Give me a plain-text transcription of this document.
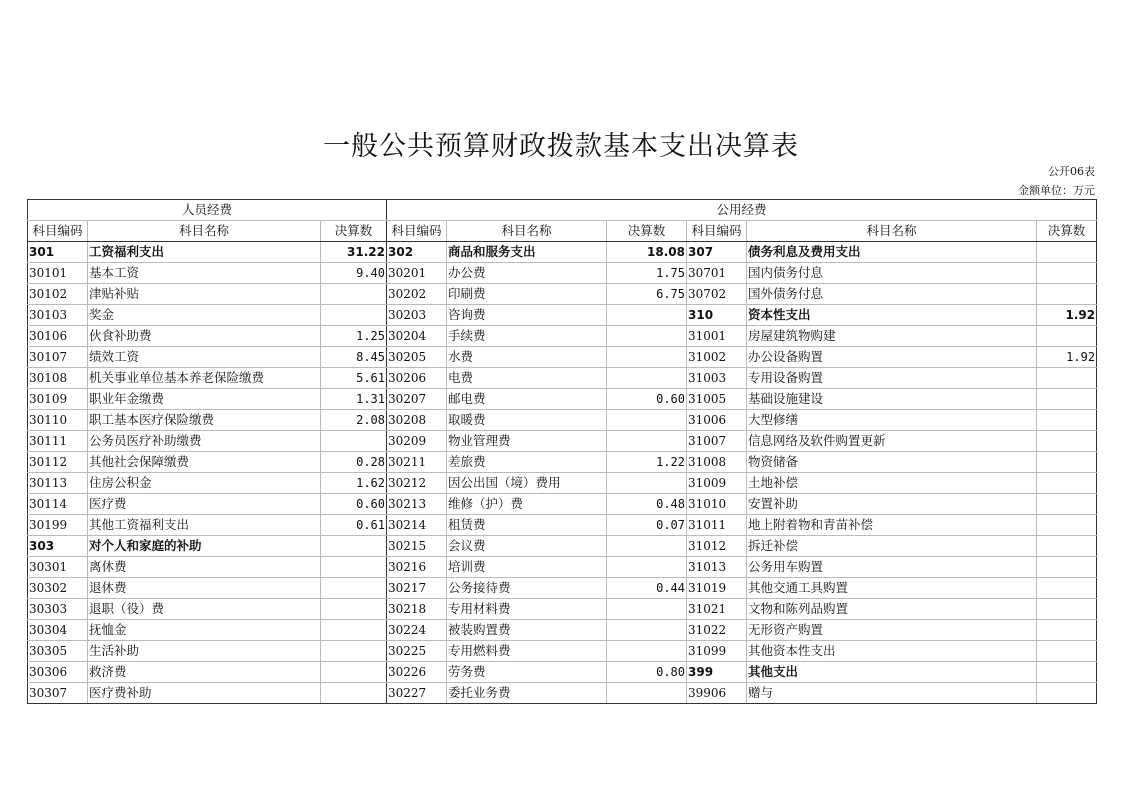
一般公共预算财政拨款基本支出决算表
公开06表
金额单位：万元
人员经费			公用经费					
科目编码	科目名称	决算数	科目编码	科目名称	决算数	科目编码	科目名称	决算数
301	工资福利支出	31.22	302	商品和服务支出	18.08	307	债务利息及费用支出	
30101	基本工资	9.40	30201	办公费	1.75	30701	国内债务付息	
30102	津贴补贴		30202	印刷费	6.75	30702	国外债务付息	
30103	奖金		30203	咨询费		310	资本性支出	1.92
30106	伙食补助费	1.25	30204	手续费		31001	房屋建筑物购建	
30107	绩效工资	8.45	30205	水费		31002	办公设备购置	1.92
30108	机关事业单位基本养老保险缴费	5.61	30206	电费		31003	专用设备购置	
30109	职业年金缴费	1.31	30207	邮电费	0.60	31005	基础设施建设	
30110	职工基本医疗保险缴费	2.08	30208	取暖费		31006	大型修缮	
30111	公务员医疗补助缴费		30209	物业管理费		31007	信息网络及软件购置更新	
30112	其他社会保障缴费	0.28	30211	差旅费	1.22	31008	物资储备	
30113	住房公积金	1.62	30212	因公出国（境）费用		31009	土地补偿	
30114	医疗费	0.60	30213	维修（护）费	0.48	31010	安置补助	
30199	其他工资福利支出	0.61	30214	租赁费	0.07	31011	地上附着物和青苗补偿	
303	对个人和家庭的补助		30215	会议费		31012	拆迁补偿	
30301	离休费		30216	培训费		31013	公务用车购置	
30302	退休费		30217	公务接待费	0.44	31019	其他交通工具购置	
30303	退职（役）费		30218	专用材料费		31021	文物和陈列品购置	
30304	抚恤金		30224	被装购置费		31022	无形资产购置	
30305	生活补助		30225	专用燃料费		31099	其他资本性支出	
30306	救济费		30226	劳务费	0.80	399	其他支出	
30307	医疗费补助		30227	委托业务费		39906	赠与	
